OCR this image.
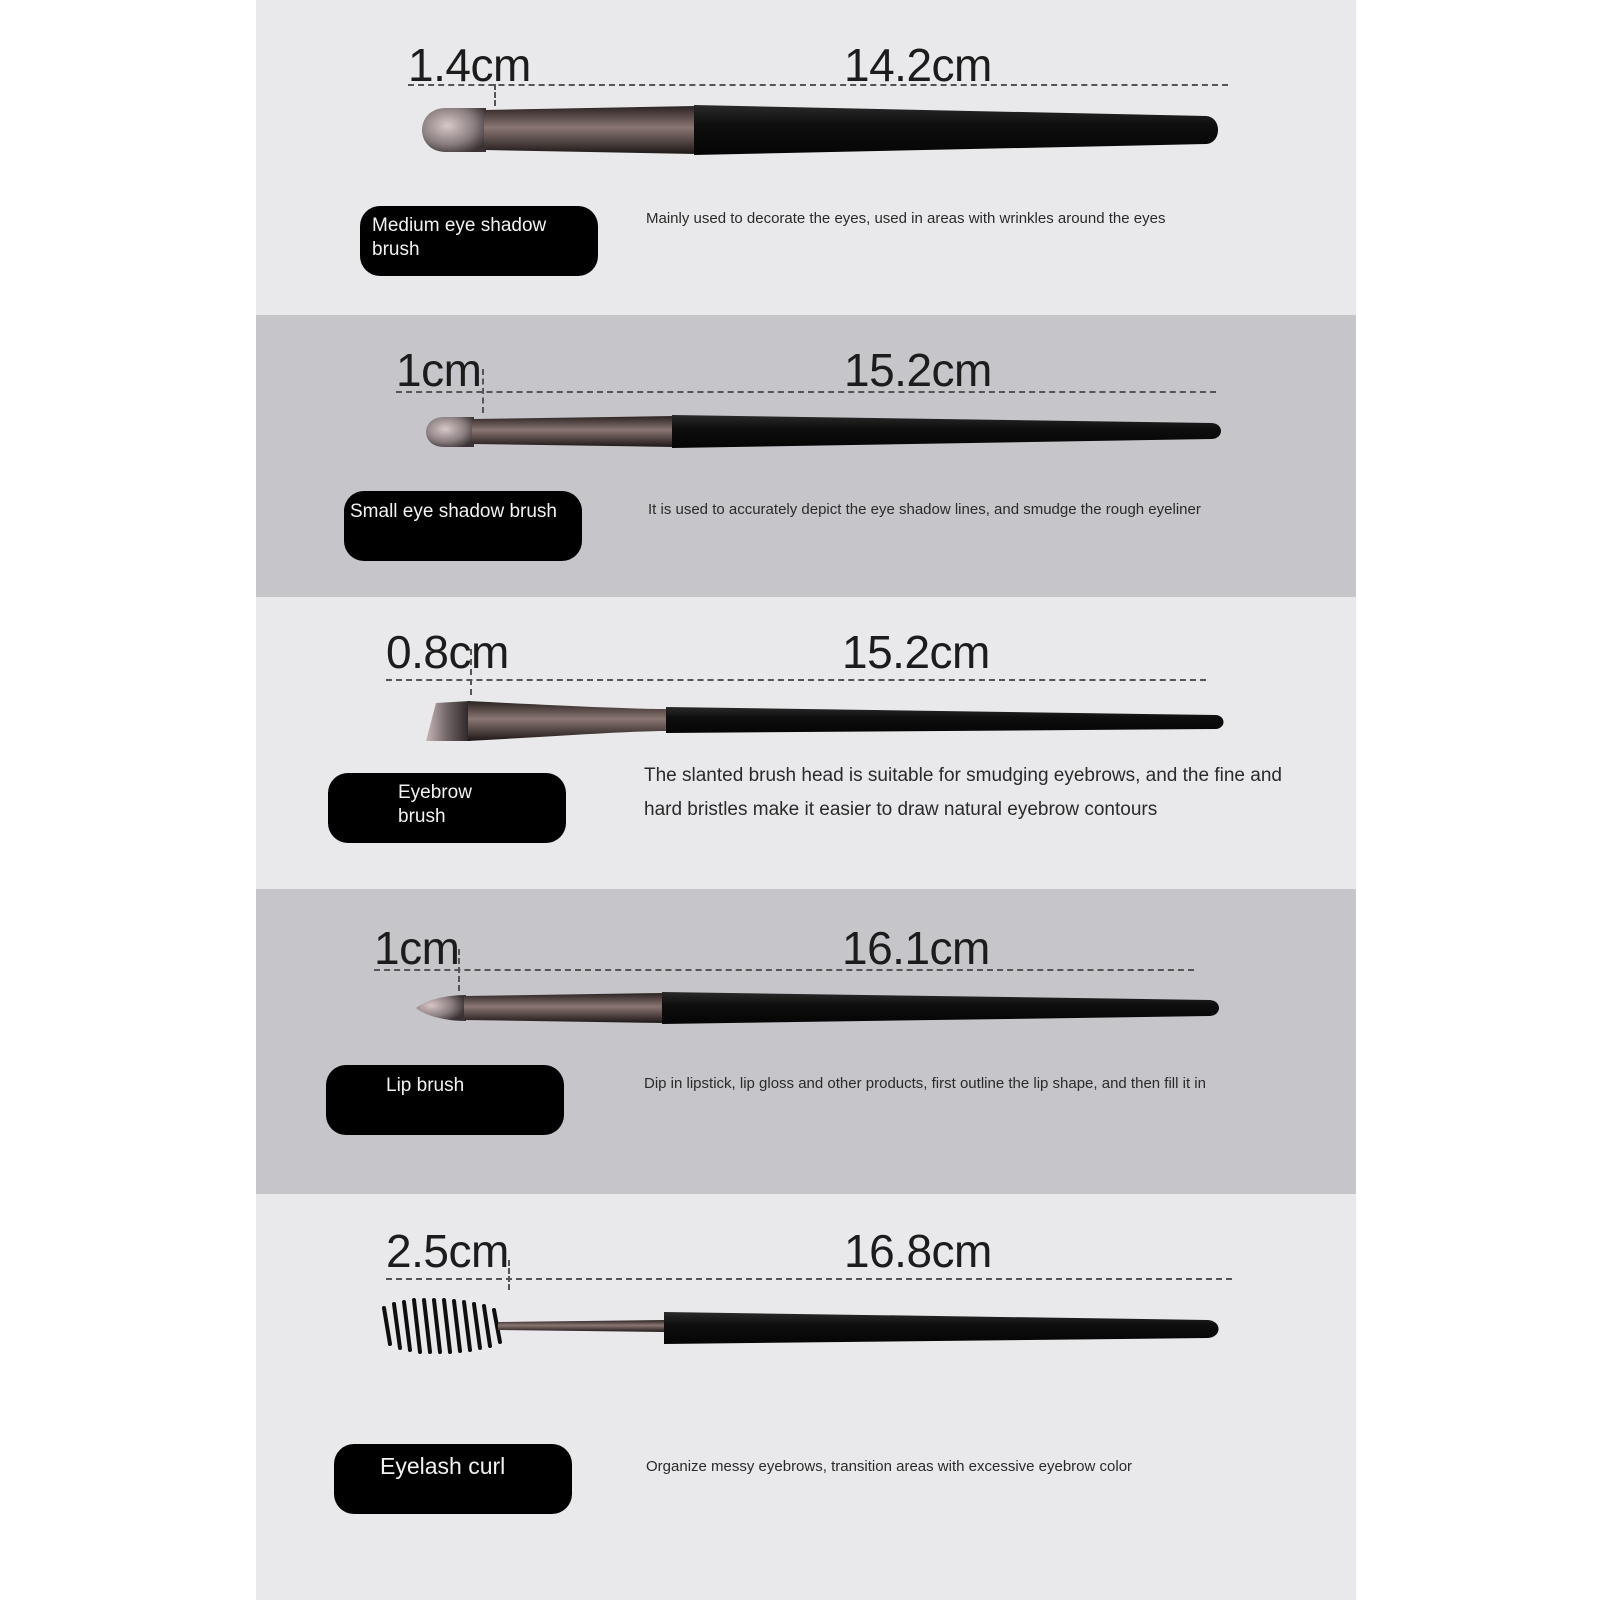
1.4cm	14.2cm
Medium eye shadow
brush
Mainly used to decorate the eyes, used in areas with wrinkles around the eyes
1cm	15.2cm
Small eye shadow brush	It is used to accurately depict the eye shadow lines, and smudge the rough eyeliner
0.8cm	15.2cm
Eyebrow
brush
The slanted brush head is suitable for smudging eyebrows, and the fine and hard bristles make it easier to draw natural eyebrow contours
1cm	16.1cm
Lip brush	Dip in lipstick, lip gloss and other products, first outline the lip shape, and then fill it in
2.5cm	16.8cm
Eyelash curl	Organize messy eyebrows, transition areas with excessive eyebrow color
